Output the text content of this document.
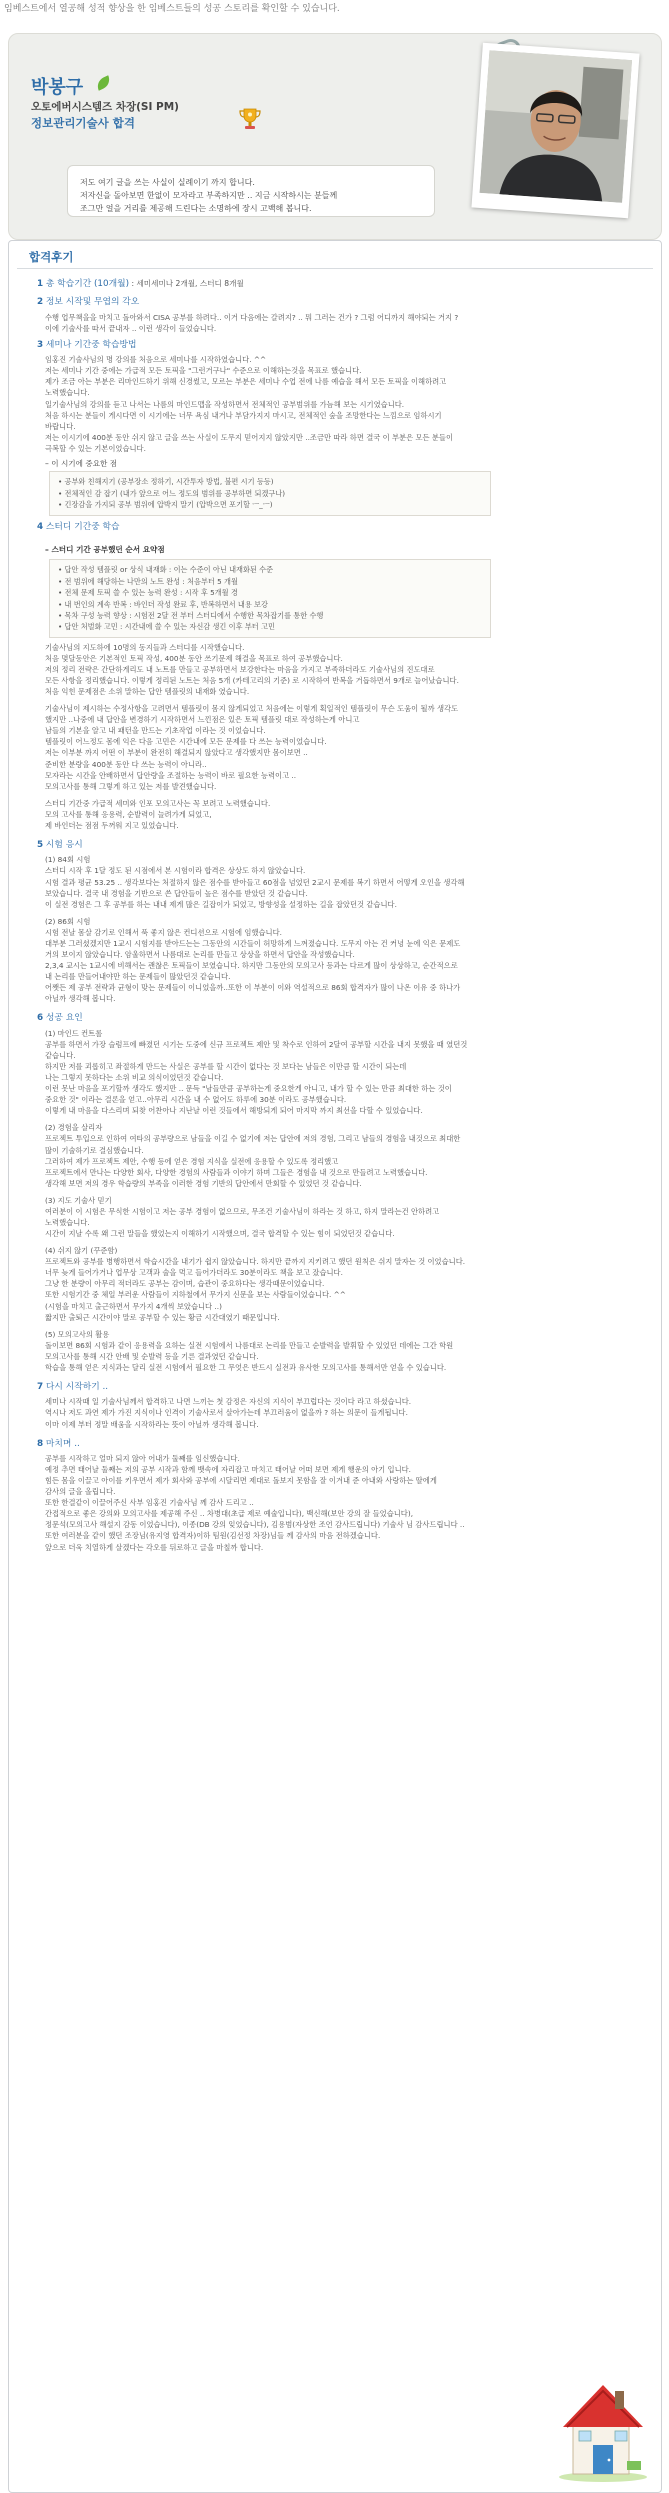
임베스트에서 열공해 성적 향상을 한 임베스트들의 성공 스토리를 확인할 수 있습니다.
박봉구
오토에버시스템즈 차장(SI PM)
정보관리기술사 합격
저도 여기 글을 쓰는 사실이 실례이기 까지 합니다.
저자신을 돌아보면 한없이 모자라고 부족하지만 .. 지금 시작하시는 분들께
조그만 얼을 거리를 제공해 드린다는 소명하에 장시 고백해 봅니다.
합격후기
1 총 학습기간 (10개월) : 세미세미나 2개월, 스터디 8개월
2 정보 시작및 무엽의 각오
수행 업무책을을 마치고 돌아와서 CISA 공부를 하려다.. 이거 다음에는 갈려지? .. 뭐 그러는 건가 ? 그럼 어디까지 해야되는 거지 ?
이에 기술사를 따서 끝내자 .. 이런 생각이 들었습니다.
3 세미나 기간중 학습방법
임홍진 기술사님의 명 강의를 처음으로 세미나를 시작하였습니다. ^^
저는 세미나 기간 중에는 가급적 모든 토픽을 "그런거구나" 수준으로 이해하는것을 목표로 했습니다.
제가 조금 아는 부분은 리마인드하기 위해 신경썼고, 모르는 부분은 세미나 수업 전에 나름 예습을 해서 모든 토픽을 이해하려고
노력했습니다.
일기술사님의 강의를 듣고 나서는 나름의 마인드맵을 작성하면서 전체적인 공부범위를 가늠해 보는 시기였습니다.
처음 하시는 분들이 게시다면 이 시기에는 너무 욕심 내거나 부담가지지 마시고, 전체적인 숲을 조망한다는 느낌으로 임하시기
바랍니다.
저는 이시기에 400분 동안 쉬지 않고 글을 쓰는 사실이 도무지 믿어지지 않았지만 ..조금만 따라 하면 결국 이 부분은 모든 분들이
극복할 수 있는 기본이었습니다.
– 이 시기에 중요한 점
• 공부와 친해지기 (공부장소 정하기, 시간투자 방법, 불편 시기 등등)
• 전체적인 감 잡기 (내가 앞으로 어느 정도의 범위를 공부하면 되겠구나)
• 긴장감을 가지되 공부 범위에 압박지 말기 (압박으면 포기할 ㅡ_ㅡ)
4 스터디 기간중 학습
– 스터디 기간 공부했던 순서 요약점
• 답안 작성 템플릿 or 상식 내재화 : 이는 수준이 아닌 내재화된 수준
• 전 범위에 해당하는 나만의 노트 완성 : 처음부터 5 개월
• 전체 문제 토픽 쓸 수 있는 능력 완성 : 시작 후 5개월 경
• 내 번인의 계속 반복 : 바인더 작성 완료 후, 반복하면서 내용 보강
• 목차 구성 능력 향상 : 시험전 2달 전 부터 스터디에서 수행한 목차잡기를 통한 수행
• 답안 처벌화 고민 : 시간내에 쓸 수 있는 자신감 생긴 이후 부터 고민
기술사님의 지도하에 10명의 동지들과 스터디를 시작했습니다.
처음 몇달동안은 기본적인 토픽 작성, 400분 동안 쓰기문제 해결을 목표로 하여 공부했습니다.
저의 정리 전략은 간단하게리도 내 노트를 만들고 공부하면서 보강한다는 마음을 가지고 부족하더라도 기술사님의 진도대로
모든 사항을 정리했습니다. 이렇게 정리된 노트는 처음 5개 (카테고리의 기준) 로 시작하여 반복을 거듭하면서 9개로 늘어났습니다.
처음 익힌 문제점은 소위 말하는 답안 템플릿의 내재화 였습니다.
기술사님이 제시하는 수정사항을 고려면서 템플릿이 몸지 않게되었고 처음에는 이렇게 획일적인 템플릿이 무슨 도움이 될까 생각도
했지만 ..나중에 내 답안을 변경하기 시작하면서 느낀점은 있은 토픽 템플릿 대로 작성하는게 아니고
남들의 기본을 알고 내 패턴을 만드는 기초작업 이라는 것 이었습니다.
템플릿이 어느정도 몸에 익은 다음 고민은 시간내에 모든 문제를 다 쓰는 능력이었습니다.
저는 이부분 까지 어떤 이 부분이 완전히 해결되지 않았다고 생각했지만 몸이보면 ..
준비한 분량을 400분 동안 다 쓰는 능력이 아니라..
모자라는 시간을 안배하면서 답안량을 조절하는 능력이 바로 필요한 능력이고 ..
모의고사를 통해 그렇게 하고 있는 저를 발견했습니다.
스터디 기간중 가급적 세미와 인포 모의고사는 꼭 보려고 노력했습니다.
모의 고사를 통해 응용력, 순발력이 늘려가게 되었고,
제 바인더는 점점 두꺼워 지고 있었습니다.
5 시험 응시
(1) 84회 시험
스터디 시작 후 1달 정도 된 시점에서 본 시험이라 합격은 상상도 하지 않았습니다.
시험 결과 평균 53.25 .. 생각보다는 처절하지 않은 점수를 받아들고 60점을 넘었던 2교시 문제를 복기 하면서 어떻게 오인을 생각해
보았습니다. 결국 내 경험을 기반으로 쓴 답안들이 높은 점수를 받았던 것 같습니다.
이 실전 경험은 그 후 공부를 하는 내내 제게 많은 길잡이가 되었고, 방향성을 설정하는 길을 잡았던것 같습니다.
(2) 86회 시험
시험 전날 몸살 감기로 인해서 푹 좋지 않은 컨디션으로 시험에 임했습니다.
대부분 그러셨겠지만 1교시 시험지를 받아드는는 그동안의 시간들이 허망하게 느껴졌습니다. 도무지 아는 건 커녕 눈에 익은 문제도
거의 보이지 않았습니다. 암울하면서 나름대로 논리를 만들고 상상을 하면서 답안을 작성했습니다.
2,3,4 교시는 1교시에 비해서는 괜찮은 토픽들이 보였습니다. 하지만 그동안의 모의고사 등과는 다르게 많이 상상하고, 순간적으로
내 논리를 만들어내야만 하는 문제들이 많았던것 같습니다.
어쨋든 제 공부 전략과 균형이 맞는 문제들이 이니었을까..또한 이 부분이 이와 역설적으로 86회 합격자가 많이 나온 이유 중 하나가
아닐까 생각해 봅니다.
6 성공 요인
(1) 마인드 컨트롤
공부를 하면서 가장 슬럼프에 빠졌던 시기는 도중에 신규 프로젝트 제안 및 착수로 인하여 2달여 공부할 시간을 내지 못했을 때 였던것
같습니다.
하지만 저를 괴롭히고 좌절하게 만드는 사실은 공부를 할 시간이 없다는 것 보다는 남들은 이만큼 할 시간이 되는데
나는 그렇지 못하다는 소위 비교 의식이었던것 같습니다.
이런 못난 마음을 포기할까 생각도 했지만 .. 문득 "남들만큼 공부하는게 중요한게 아니고, 내가 할 수 있는 만큼 최대한 하는 것이
중요한 것" 이라는 결론을 얻고..아무리 시간을 내 수 없어도 하루에 30분 이라도 공부했습니다.
이렇게 내 마음을 다스리며 되찾 어찬아나 지난날 이런 것들에서 해방되게 되어 마지막 까지 최선을 다할 수 있었습니다.
(2) 경험을 살리자
프로젝트 투입으로 인하여 여타의 공부량으로 남들을 이길 수 없기에 저는 답안에 저의 경험, 그리고 남들의 경험을 내것으로 최대한
많이 기술하기로 결심했습니다.
그러하여 제가 프로젝트 제안, 수행 등에 얻은 경험 지식을 실전에 응용할 수 있도록 정리했고
프로젝트에서 만나는 다양한 회사, 다양한 경험의 사람들과 이야기 하며 그들은 경험을 내 것으로 만들려고 노력했습니다.
생각해 보면 저의 경우 학습량의 부족을 이러한 경험 기반의 답안에서 만회할 수 있었던 것 같습니다.
(3) 지도 기술사 믿기
여러분이 이 시험은 무식한 시험이고 저는 공부 경험이 없으므로, 무조건 기술사님이 하라는 것 하고, 하지 말라는건 안하려고
노력했습니다.
시간이 지날 수록 왜 그런 말들을 했었는지 이해하기 시작했으며, 결국 합격할 수 있는 힘이 되었던것 같습니다.
(4) 쉬지 않기 (꾸준함)
프로젝트와 공부를 병행하면서 학습시간을 내기가 쉽지 않았습니다. 하지만 끝까지 지키려고 했던 원칙은 쉬지 말자는 것 이었습니다.
너무 늦게 들어가거나 업무상 고객과 술을 먹고 들어가더라도 30분이라도 책을 보고 잤습니다.
그냥 한 분량이 아무리 적더라도 공부는 감이며, 습관이 중요하다는 생각때문이었습니다.
또한 시험기간 중 체일 부러운 사람들이 지하철에서 무가지 신문을 보는 사람들이었습니다. ^^
(시험을 마치고 출근하면서 무가지 4개씩 보았습니다 ..)
짧지만 출퇴근 시간이야 말로 공부할 수 있는 황금 시간대였기 때문입니다.
(5) 모의고사의 활용
돌이보면 86회 시험과 같이 응용력을 요하는 실전 시험에서 나름대로 논리를 만들고 순발력을 발휘할 수 있었던 데에는 그간 학원
모의고사를 통해 시간 안배 및 순발력 등을 기른 결과였던 같습니다.
학습을 통해 얻은 지식과는 달리 실전 시험에서 필요한 그 무엇은 반드시 실전과 유사한 모의고사를 통해서만 얻을 수 있습니다.
7 다시 시작하기 ..
세미나 시작때 일 기술사님께서 합격하고 나면 느끼는 첫 감정은 자신의 지식이 부끄럽다는 것이다 라고 하셨습니다.
역시나 저도 과연 제가 가진 지식이나 인격이 기술사로서 살아가는데 부끄러움이 없을까 ? 하는 의문이 들게됩니다.
이마 이제 부터 정말 배움을 시작하라는 뜻이 아닐까 생각해 봅니다.
8 마치며 ..
공부를 시작하고 얼마 되지 않아 어내가 둘째를 임신했습니다.
예정 추면 태어날 둘째는 저의 공부 시작과 함께 뱃속에 자리잡고 마치고 태어날 어떠 보면 제게 행운의 아기 입니다.
힘든 몸을 이끌고 아이를 키우면서 제가 회사와 공부에 시달리면 제대로 돌보지 못함을 잘 이겨내 준 아내와 사랑하는 딸에게
감사의 글을 올립니다.
또한 한결같이 이끌어주신 사부 임홍진 기술사님 께 감사 드리고 ..
간접적으로 좋은 강의와 모의고사를 제공해 주신 .. 차병대(초급 제로 예술입니다), 백신해(보안 강의 잘 들었습니다),
정문석(모의고사 해설지 감동 이었습니다), 이종(DB 강의 잊었습니다), 김용범(자상한 조언 감사드립니다) 기술사 님 감사드립니다 ..
또한 여러분을 같이 했던 조장님(유지영 합격자)이하 팀원(김선정 차장)님들 께 감사의 마음 전하겠습니다.
앞으로 더욱 치열하게 살겠다는 각오를 뒤로하고 글을 마칠까 합니다.
